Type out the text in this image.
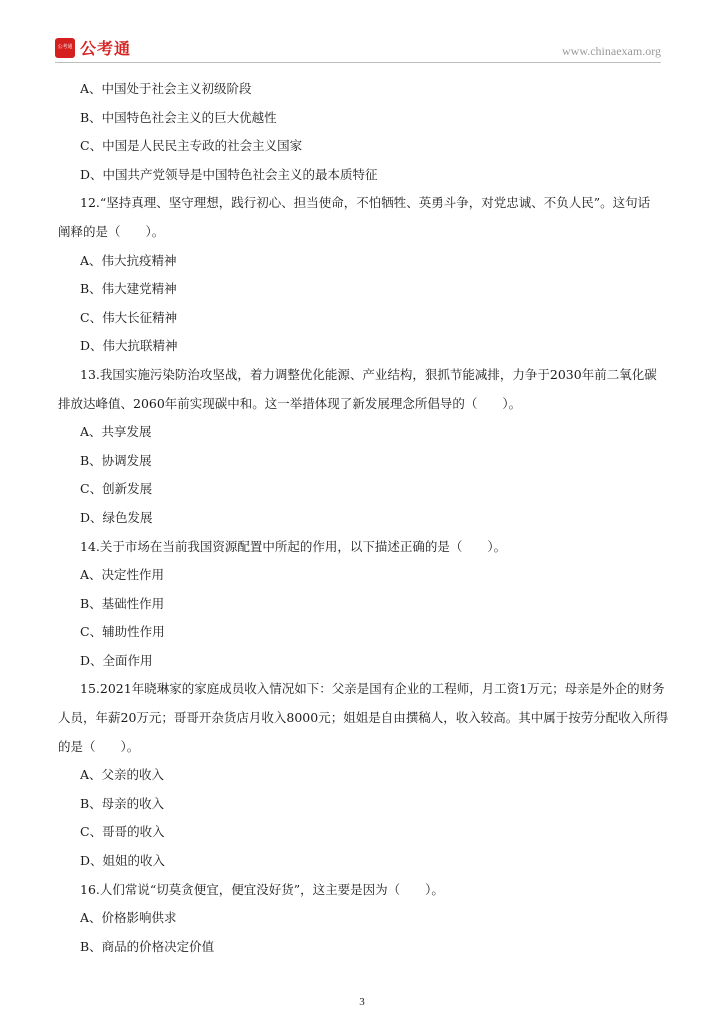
公考通 公考通	www.chinaexam.org
A、中国处于社会主义初级阶段
B、中国特色社会主义的巨大优越性
C、中国是人民民主专政的社会主义国家
D、中国共产党领导是中国特色社会主义的最本质特征
12.“坚持真理、坚守理想，践行初心、担当使命，不怕牺牲、英勇斗争，对党忠诚、不负人民”。这句话
阐释的是（　　）。
A、伟大抗疫精神
B、伟大建党精神
C、伟大长征精神
D、伟大抗联精神
13.我国实施污染防治攻坚战，着力调整优化能源、产业结构，狠抓节能减排，力争于2030年前二氧化碳
排放达峰值、2060年前实现碳中和。这一举措体现了新发展理念所倡导的（　　）。
A、共享发展
B、协调发展
C、创新发展
D、绿色发展
14.关于市场在当前我国资源配置中所起的作用，以下描述正确的是（　　）。
A、决定性作用
B、基础性作用
C、辅助性作用
D、全面作用
15.2021年晓琳家的家庭成员收入情况如下：父亲是国有企业的工程师，月工资1万元；母亲是外企的财务
人员，年薪20万元；哥哥开杂货店月收入8000元；姐姐是自由撰稿人，收入较高。其中属于按劳分配收入所得
的是（　　）。
A、父亲的收入
B、母亲的收入
C、哥哥的收入
D、姐姐的收入
16.人们常说“切莫贪便宜，便宜没好货”，这主要是因为（　　）。
A、价格影响供求
B、商品的价格决定价值
3
